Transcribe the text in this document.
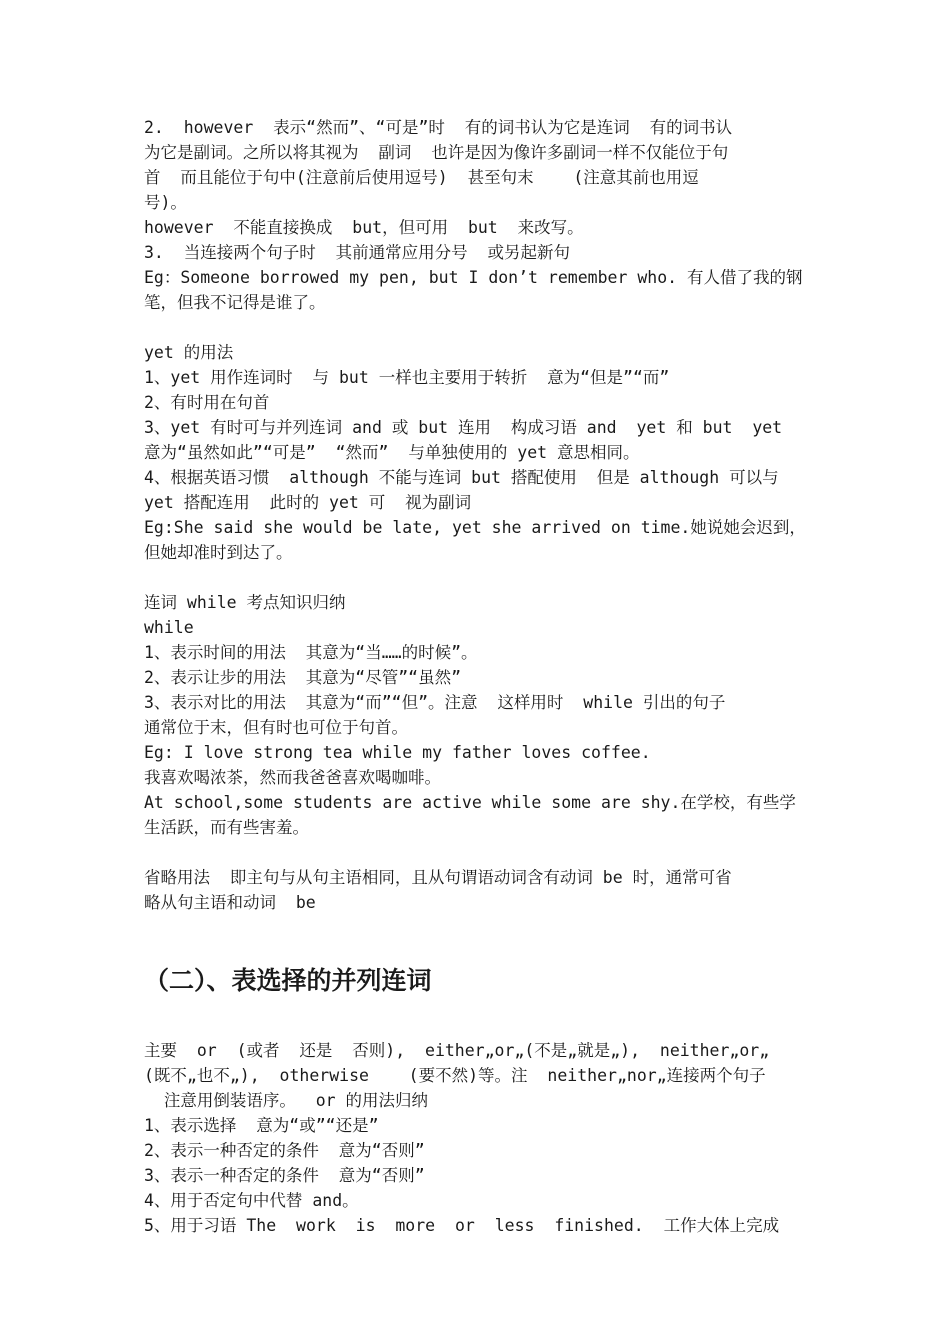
2.  however  表示“然而”、“可是”时  有的词书认为它是连词  有的词书认

为它是副词。之所以将其视为  副词  也许是因为像许多副词一样不仅能位于句

首  而且能位于句中(注意前后使用逗号)  甚至句末    (注意其前也用逗

号)。

however  不能直接换成  but，但可用  but  来改写。

3.  当连接两个句子时  其前通常应用分号  或另起新句

Eg：Someone borrowed my pen, but I don’t remember who. 有人借了我的钢

笔，但我不记得是谁了。

yet 的用法

1、yet 用作连词时  与 but 一样也主要用于转折  意为“但是”“而”

2、有时用在句首

3、yet 有时可与并列连词 and 或 but 连用  构成习语 and  yet 和 but  yet

意为“虽然如此”“可是”  “然而”  与单独使用的 yet 意思相同。

4、根据英语习惯  although 不能与连词 but 搭配使用  但是 although 可以与

yet 搭配连用  此时的 yet 可  视为副词

Eg:She said she would be late, yet she arrived on time.她说她会迟到，

但她却准时到达了。

连词 while 考点知识归纳

while

1、表示时间的用法  其意为“当……的时候”。

2、表示让步的用法  其意为“尽管”“虽然”

3、表示对比的用法  其意为“而”“但”。注意  这样用时  while 引出的句子

通常位于末，但有时也可位于句首。

Eg: I love strong tea while my father loves coffee.

我喜欢喝浓茶，然而我爸爸喜欢喝咖啡。

At school,some students are active while some are shy.在学校，有些学

生活跃，而有些害羞。

省略用法  即主句与从句主语相同，且从句谓语动词含有动词 be 时，通常可省

略从句主语和动词  be

（二）、表选择的并列连词

主要  or  (或者  还是  否则),  either„or„(不是„就是„),  neither„or„

(既不„也不„),  otherwise    (要不然)等。注  neither„nor„连接两个句子

注意用倒装语序。  or 的用法归纳

1、表示选择  意为“或”“还是”

2、表示一种否定的条件  意为“否则”

3、表示一种否定的条件  意为“否则”

4、用于否定句中代替 and。

5、用于习语 The  work  is  more  or  less  finished.  工作大体上完成
